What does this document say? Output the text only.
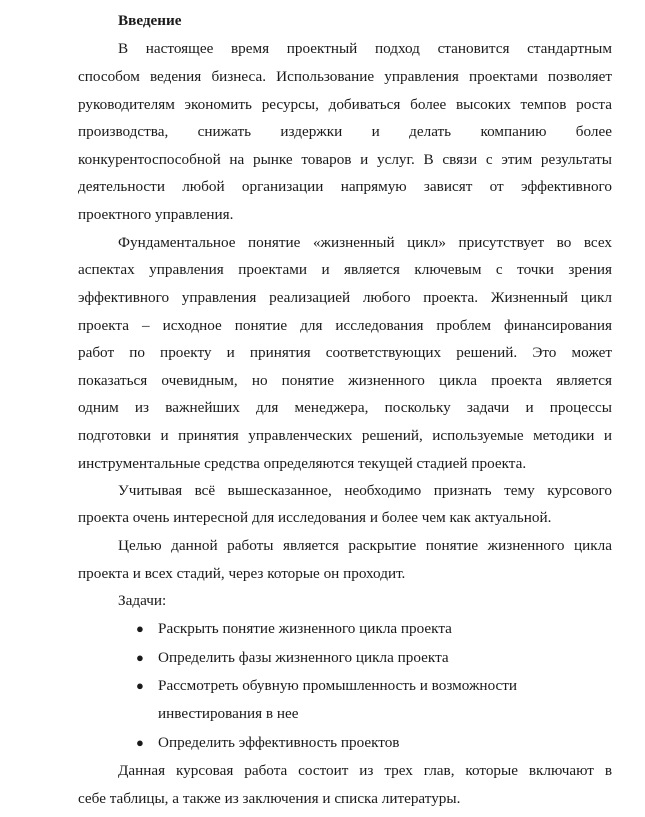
Введение
В настоящее время проектный подход становится стандартным
способом ведения бизнеса. Использование управления проектами позволяет
руководителям экономить ресурсы, добиваться более высоких темпов роста
производства, снижать издержки и делать компанию более
конкурентоспособной на рынке товаров и услуг. В связи с этим результаты
деятельности любой организации напрямую зависят от эффективного
проектного управления.
Фундаментальное понятие «жизненный цикл» присутствует во всех
аспектах управления проектами и является ключевым с точки зрения
эффективного управления реализацией любого проекта. Жизненный цикл
проекта – исходное понятие для исследования проблем финансирования
работ по проекту и принятия соответствующих решений. Это может
показаться очевидным, но понятие жизненного цикла проекта является
одним из важнейших для менеджера, поскольку задачи и процессы
подготовки и принятия управленческих решений, используемые методики и
инструментальные средства определяются текущей стадией проекта.
Учитывая всё вышесказанное, необходимо признать тему курсового
проекта очень интересной для исследования и более чем как актуальной.
Целью данной работы является раскрытие понятие жизненного цикла
проекта и всех стадий, через которые он проходит.
Задачи:
● Раскрыть понятие жизненного цикла проекта
● Определить фазы жизненного цикла проекта
● Рассмотреть обувную промышленность и возможности
инвестирования в нее
● Определить эффективность проектов
Данная курсовая работа состоит из трех глав, которые включают в
себе таблицы, а также из заключения и списка литературы.
